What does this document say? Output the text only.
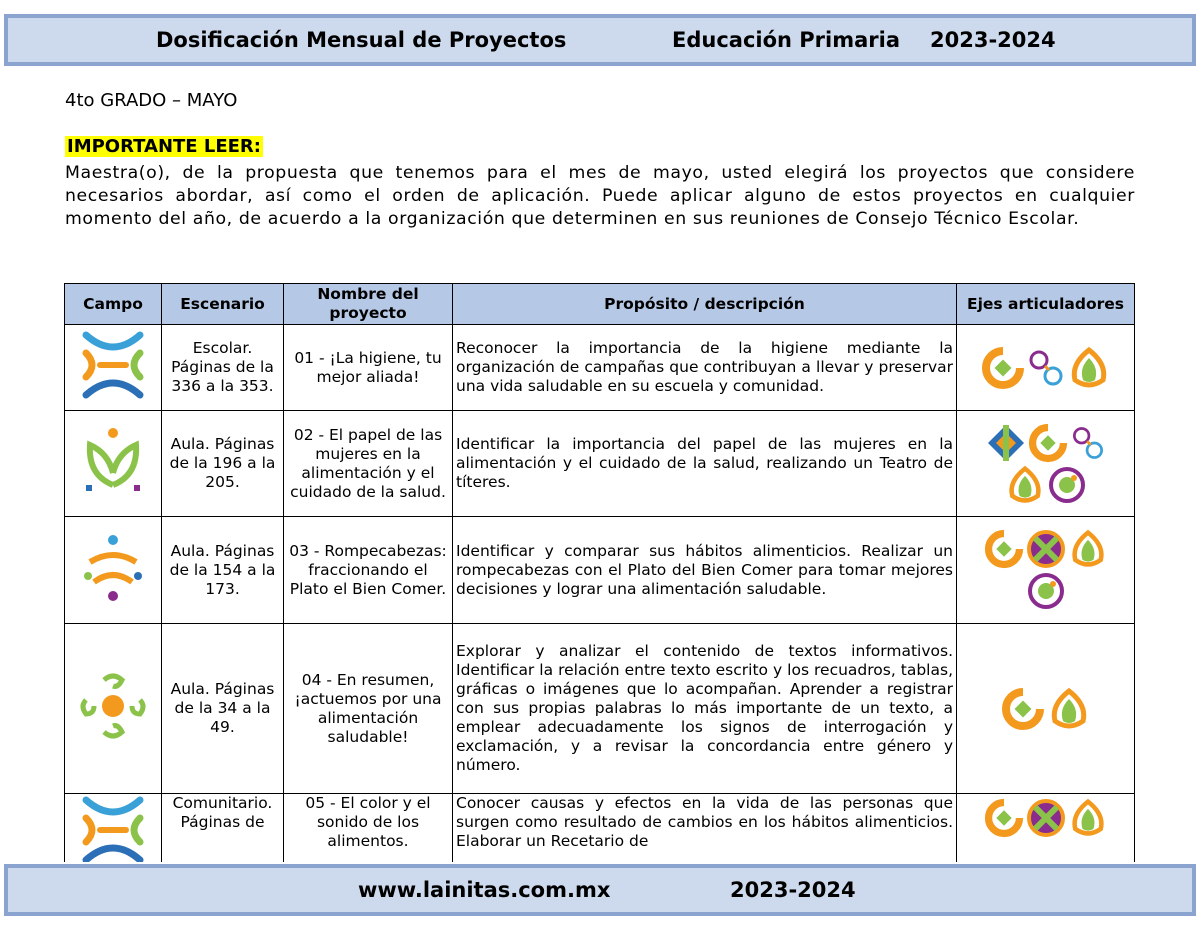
Dosificación Mensual de Proyectos	Educación Primaria 2023-2024
4to GRADO – MAYO
IMPORTANTE LEER:
Maestra(o), de la propuesta que tenemos para el mes de mayo, usted elegirá los proyectos que considere necesarios abordar, así como el orden de aplicación. Puede aplicar alguno de estos proyectos en cualquier momento del año, de acuerdo a la organización que determinen en sus reuniones de Consejo Técnico Escolar.
Campo	Escenario	Nombre del proyecto	Propósito / descripción	Ejes articuladores
	Escolar. Páginas de la 336 a la 353.	01 - ¡La higiene, tu mejor aliada!	Reconocer la importancia de la higiene mediante la organización de campañas que contribuyan a llevar y preservar una vida saludable en su escuela y comunidad.	

	Aula. Páginas de la 196 a la 205.	02 - El papel de las mujeres en la alimentación y el cuidado de la salud.	Identificar la importancia del papel de las mujeres en la alimentación y el cuidado de la salud, realizando un Teatro de títeres.	

	Aula. Páginas de la 154 a la 173.	03 - Rompecabezas: fraccionando el Plato el Bien Comer.	Identificar y comparar sus hábitos alimenticios. Realizar un rompecabezas con el Plato del Bien Comer para tomar mejores decisiones y lograr una alimentación saludable.	

	Aula. Páginas de la 34 a la 49.	04 - En resumen, ¡actuemos por una alimentación saludable!	Explorar y analizar el contenido de textos informativos. Identificar la relación entre texto escrito y los recuadros, tablas, gráficas o imágenes que lo acompañan. Aprender a registrar con sus propias palabras lo más importante de un texto, a emplear adecuadamente los signos de interrogación y exclamación, y a revisar la concordancia entre género y número.	

	Comunitario. Páginas de	05 - El color y el sonido de los alimentos.	Conocer causas y efectos en la vida de las personas que surgen como resultado de cambios en los hábitos alimenticios. Elaborar un Recetario de	
www.lainitas.com.mx	2023-2024
